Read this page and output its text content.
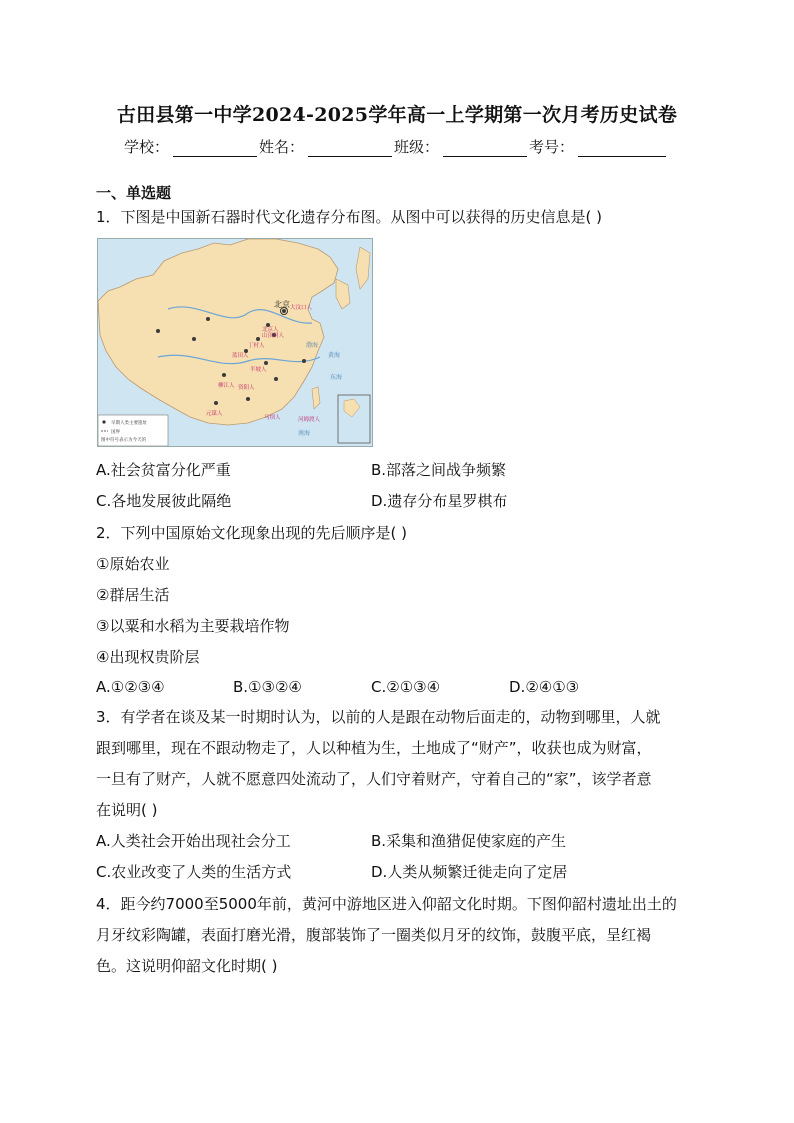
古田县第一中学2024-2025学年高一上学期第一次月考历史试卷
学校：	姓名：	班级：	考号：
一、单选题
1．下图是中国新石器时代文化遗存分布图。从图中可以获得的历史信息是( )
北京
北京人
山顶洞人
丁村人
蓝田人
元谋人
马坝人
柳江人
河姆渡人
半坡人
大汶口人
资阳人
渤海
黄海
东海
南海
早期人类主要遗址
国界
图中符号表示为今天的
A.社会贫富分化严重	B.部落之间战争频繁
C.各地发展彼此隔绝	D.遗存分布星罗棋布
2．下列中国原始文化现象出现的先后顺序是( )
①原始农业
②群居生活
③以粟和水稻为主要栽培作物
④出现权贵阶层
A.①②③④	B.①③②④	C.②①③④	D.②④①③
3．有学者在谈及某一时期时认为，以前的人是跟在动物后面走的，动物到哪里，人就
跟到哪里，现在不跟动物走了，人以种植为生，土地成了“财产”，收获也成为财富，
一旦有了财产，人就不愿意四处流动了，人们守着财产，守着自己的“家”，该学者意
在说明( )
A.人类社会开始出现社会分工	B.采集和渔猎促使家庭的产生
C.农业改变了人类的生活方式	D.人类从频繁迁徙走向了定居
4．距今约7000至5000年前，黄河中游地区进入仰韶文化时期。下图仰韶村遗址出土的
月牙纹彩陶罐，表面打磨光滑，腹部装饰了一圈类似月牙的纹饰，鼓腹平底，呈红褐
色。这说明仰韶文化时期( )
